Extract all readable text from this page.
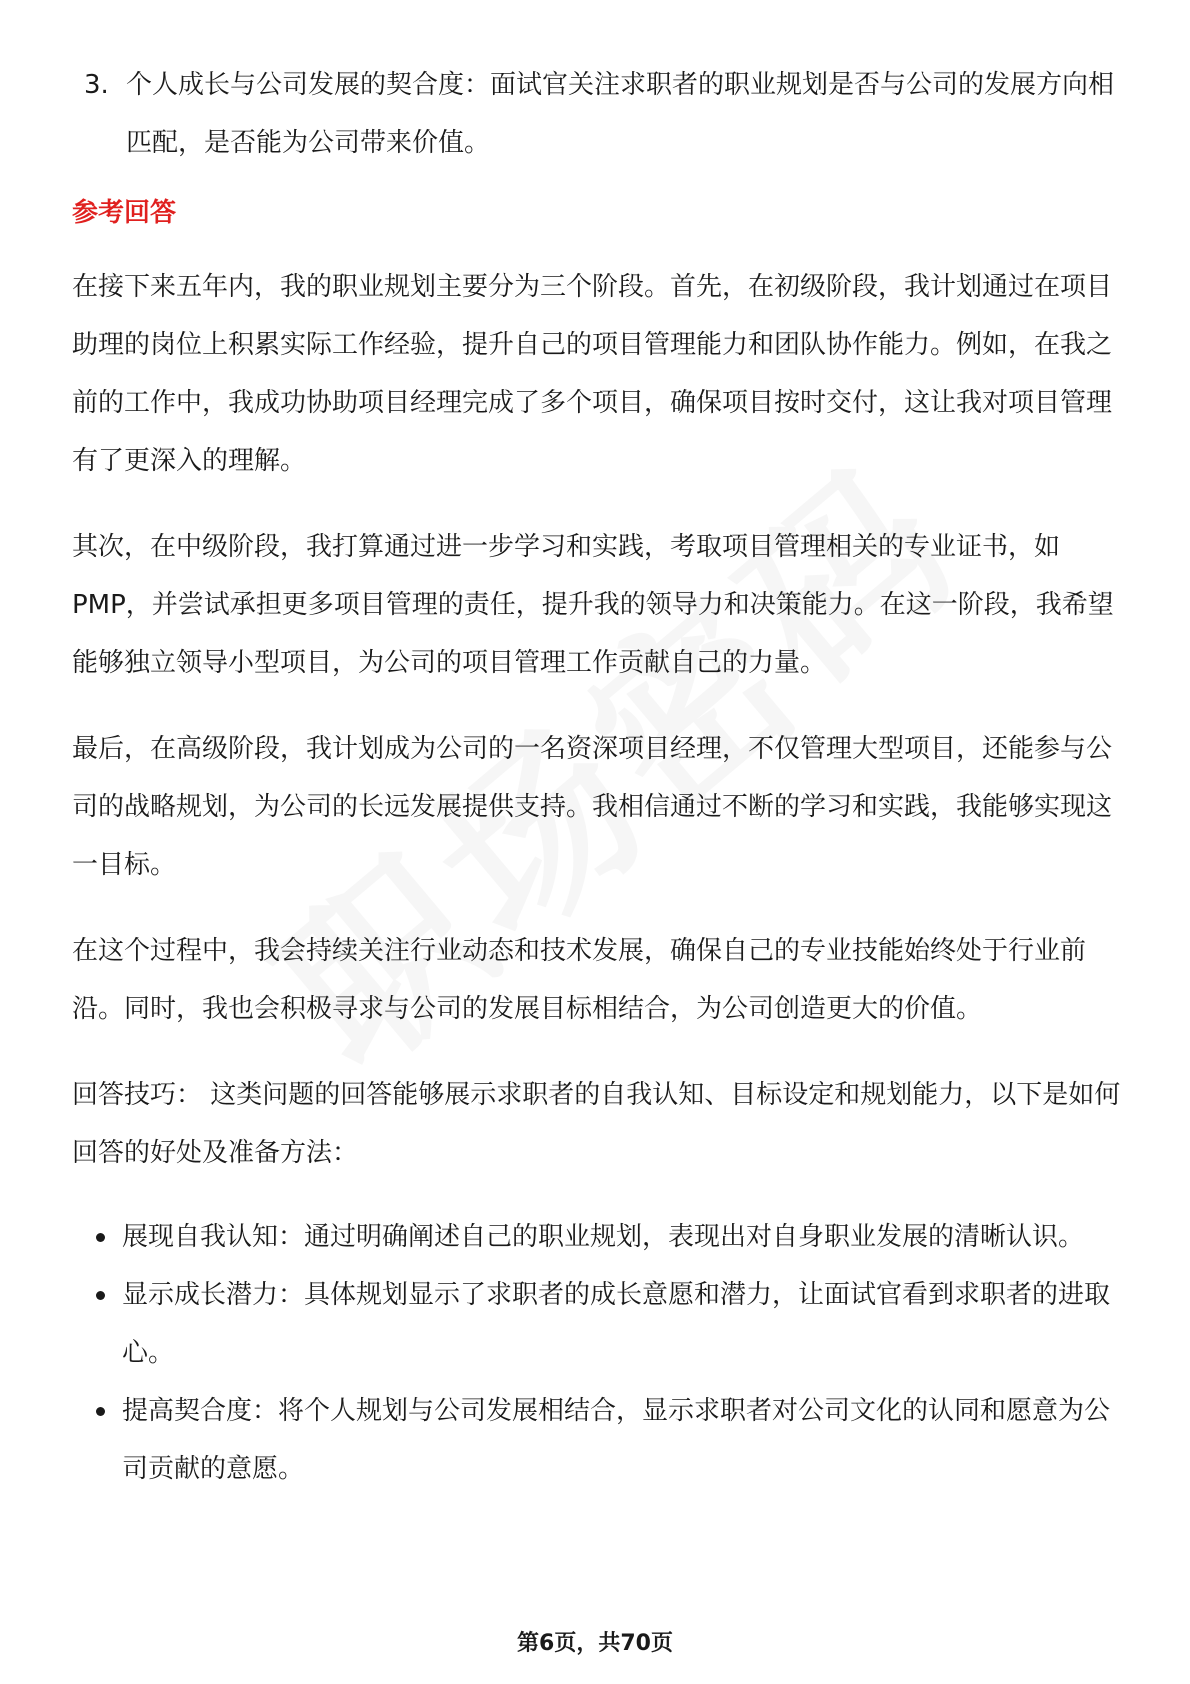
3. 个人成长与公司发展的契合度：面试官关注求职者的职业规划是否与公司的发展方向相匹配，是否能为公司带来价值。
参考回答

在接下来五年内，我的职业规划主要分为三个阶段。首先，在初级阶段，我计划通过在项目助理的岗位上积累实际工作经验，提升自己的项目管理能力和团队协作能力。例如，在我之前的工作中，我成功协助项目经理完成了多个项目，确保项目按时交付，这让我对项目管理有了更深入的理解。

其次，在中级阶段，我打算通过进一步学习和实践，考取项目管理相关的专业证书，如PMP，并尝试承担更多项目管理的责任，提升我的领导力和决策能力。在这一阶段，我希望能够独立领导小型项目，为公司的项目管理工作贡献自己的力量。

最后，在高级阶段，我计划成为公司的一名资深项目经理，不仅管理大型项目，还能参与公司的战略规划，为公司的长远发展提供支持。我相信通过不断的学习和实践，我能够实现这一目标。

在这个过程中，我会持续关注行业动态和技术发展，确保自己的专业技能始终处于行业前沿。同时，我也会积极寻求与公司的发展目标相结合，为公司创造更大的价值。

回答技巧： 这类问题的回答能够展示求职者的自我认知、目标设定和规划能力，以下是如何回答的好处及准备方法：

展现自我认知：通过明确阐述自己的职业规划，表现出对自身职业发展的清晰认识。
显示成长潜力：具体规划显示了求职者的成长意愿和潜力，让面试官看到求职者的进取心。
提高契合度：将个人规划与公司发展相结合，显示求职者对公司文化的认同和愿意为公司贡献的意愿。
第6页，共70页
